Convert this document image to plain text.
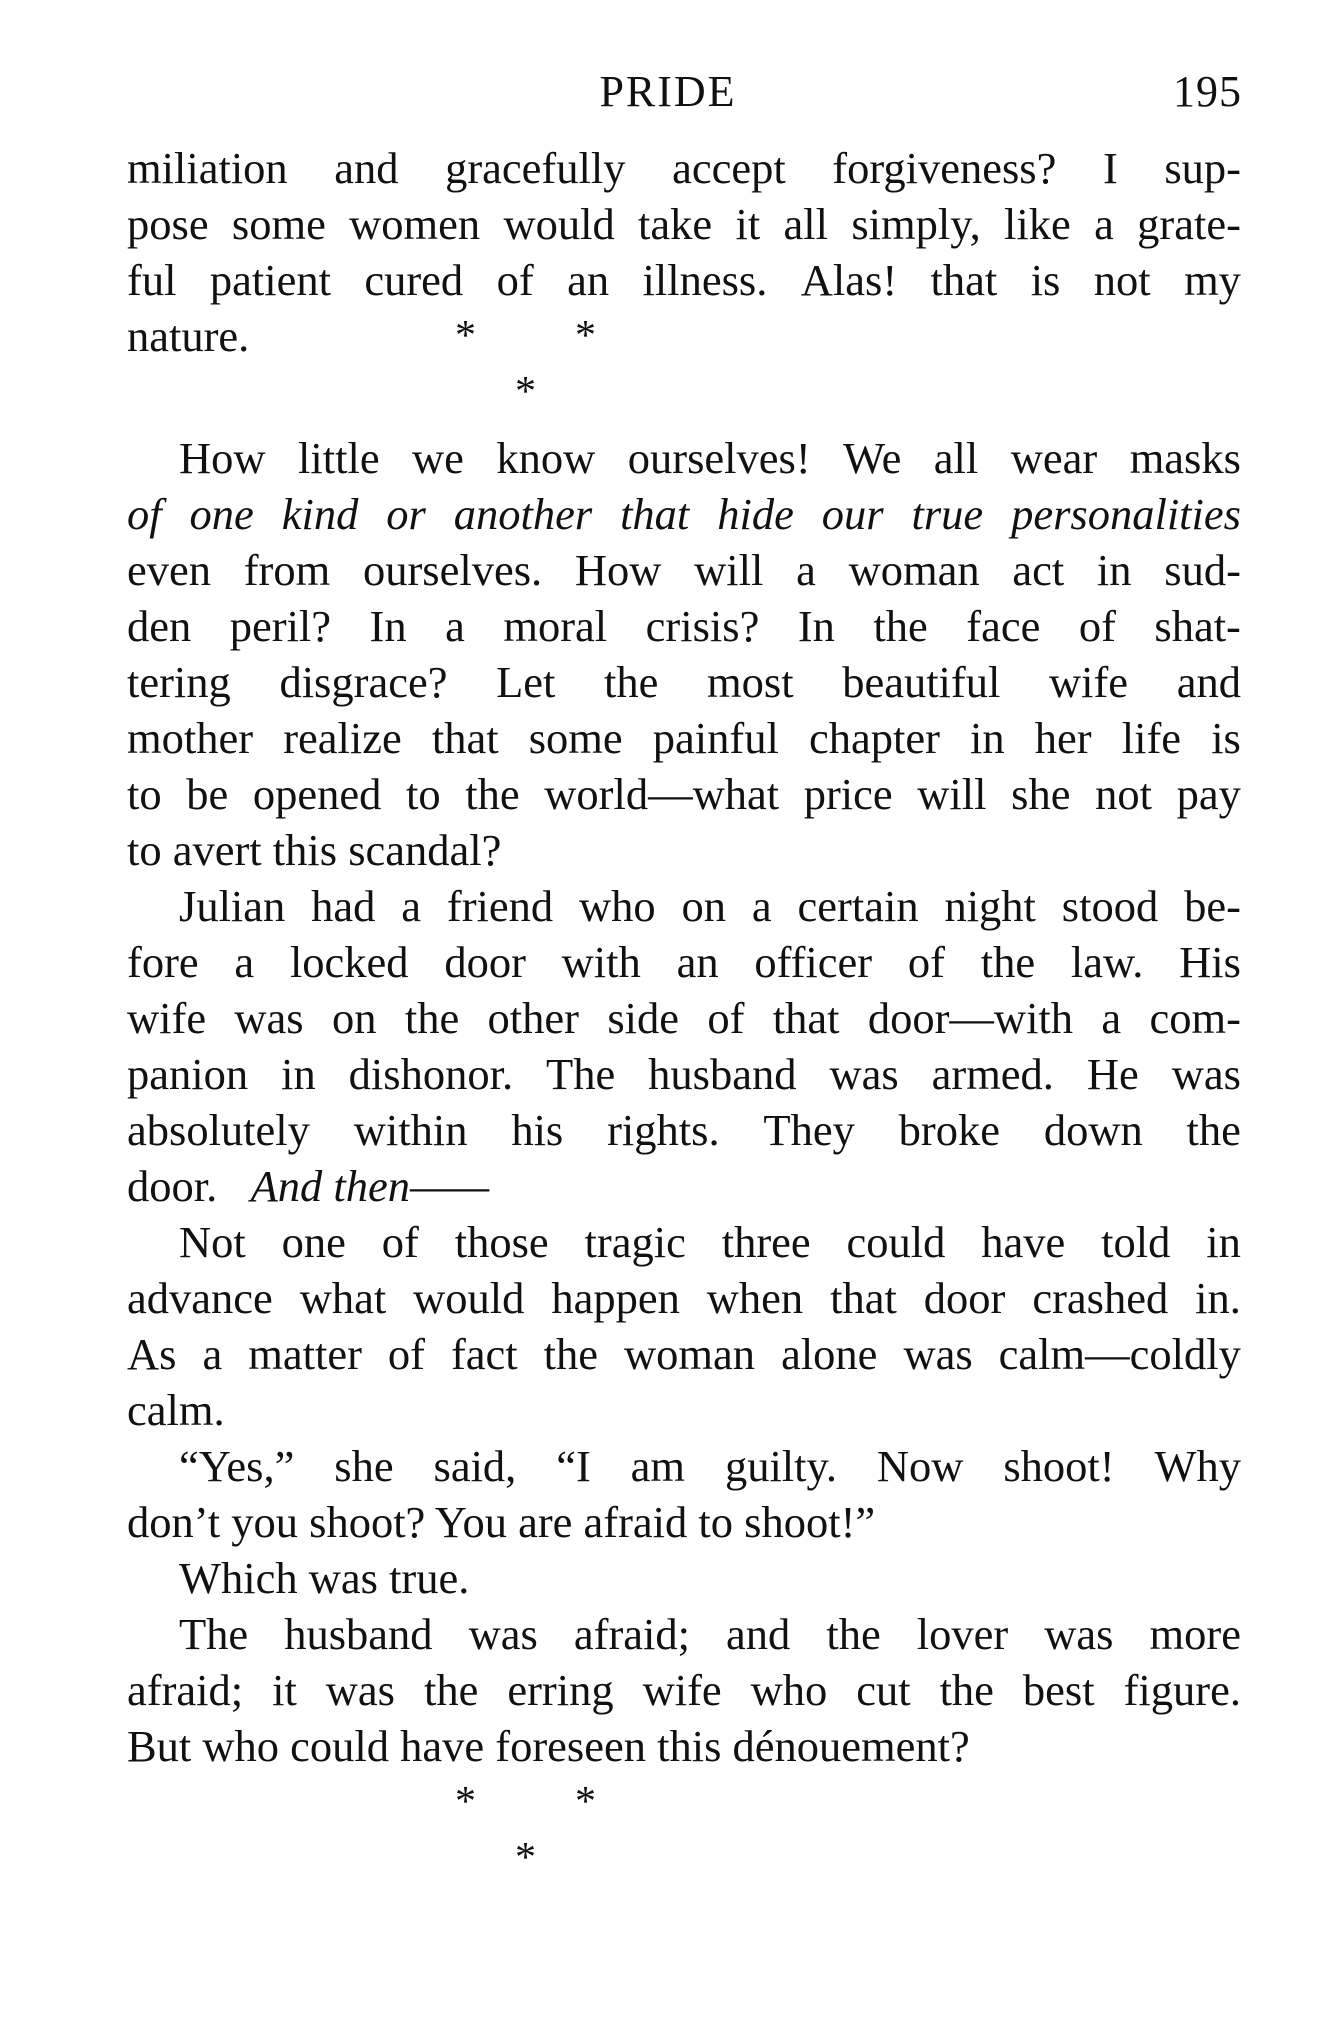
PRIDE	195
miliation and gracefully accept forgiveness? I sup-
pose some women would take it all simply, like a grate-
ful patient cured of an illness. Alas! that is not my
nature.	* *
*
How little we know ourselves! We all wear masks
of one kind or another that hide our true personalities
even from ourselves. How will a woman act in sud-
den peril? In a moral crisis? In the face of shat-
tering disgrace? Let the most beautiful wife and
mother realize that some painful chapter in her life is
to be opened to the world—what price will she not pay
to avert this scandal?
Julian had a friend who on a certain night stood be-
fore a locked door with an officer of the law. His
wife was on the other side of that door—with a com-
panion in dishonor. The husband was armed. He was
absolutely within his rights. They broke down the
door.
And then——
Not one of those tragic three could have told in
advance what would happen when that door crashed in.
As a matter of fact the woman alone was calm—coldly
calm.
“Yes,” she said, “I am guilty. Now shoot! Why
don’t you shoot? You are afraid to shoot!”
Which was true.
The husband was afraid; and the lover was more
afraid; it was the erring wife who cut the best figure.
But who could have foreseen this dénouement?
* *
*
